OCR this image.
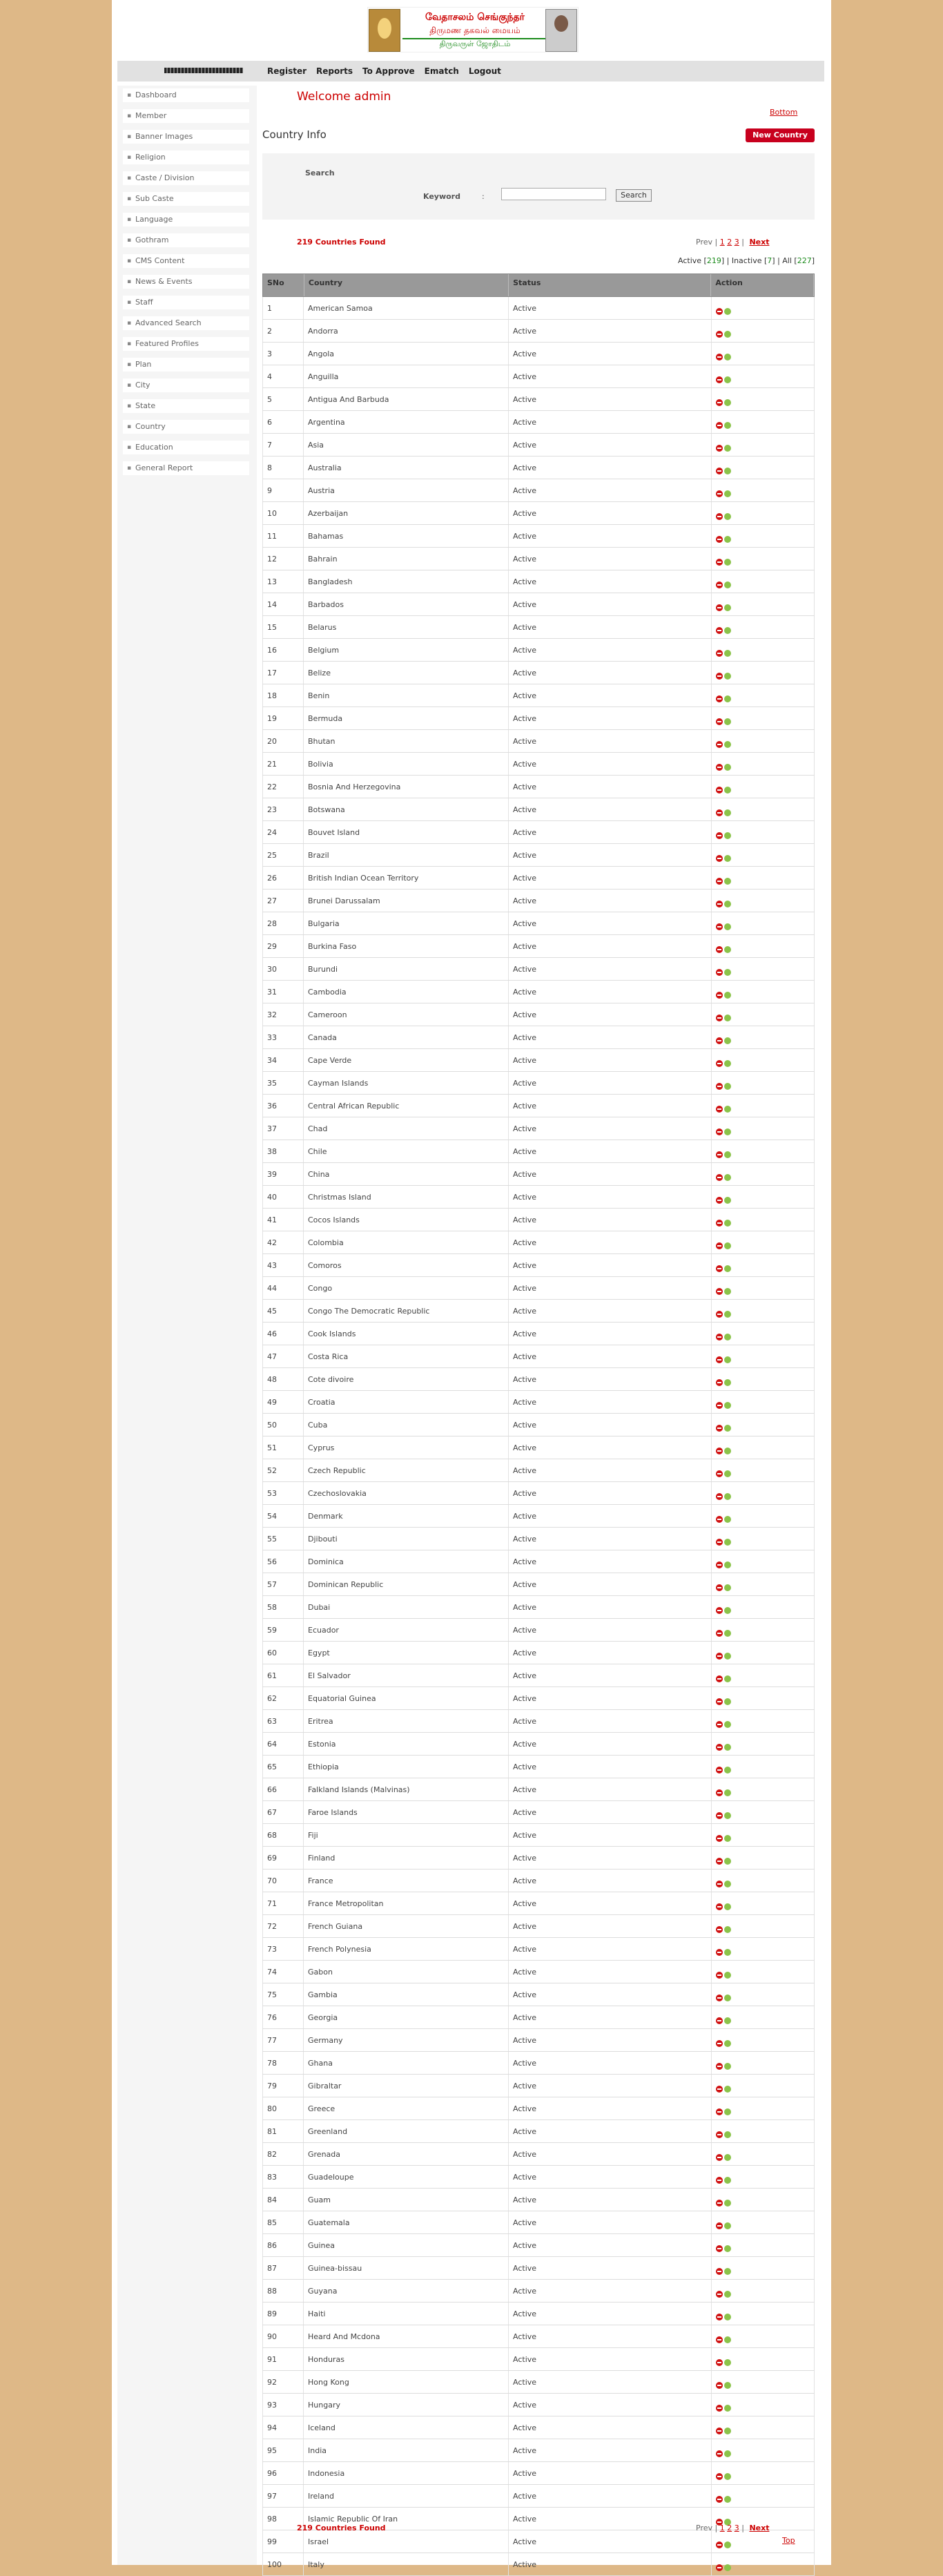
வேதாசலம் செங்குந்தர்
திருமண தகவல் மையம்
திருவருள் ஜோதிடம்
Register Reports To Approve Ematch Logout
▪ Dashboard
▪ Member
▪ Banner Images
▪ Religion
▪ Caste / Division
▪ Sub Caste
▪ Language
▪ Gothram
▪ CMS Content
▪ News & Events
▪ Staff
▪ Advanced Search
▪ Featured Profiles
▪ Plan
▪ City
▪ State
▪ Country
▪ Education
▪ General Report
Welcome admin
Bottom
Country Info	New Country
Search
Keyword	:	Search
219 Countries Found	Prev | 1 2 3 | Next
Active [219] | Inactive [7] | All [227]
SNo	Country	Status	Action
1	American Samoa	Active
2	Andorra	Active
3	Angola	Active
4	Anguilla	Active
5	Antigua And Barbuda	Active
6	Argentina	Active
7	Asia	Active
8	Australia	Active
9	Austria	Active
10	Azerbaijan	Active
11	Bahamas	Active
12	Bahrain	Active
13	Bangladesh	Active
14	Barbados	Active
15	Belarus	Active
16	Belgium	Active
17	Belize	Active
18	Benin	Active
19	Bermuda	Active
20	Bhutan	Active
21	Bolivia	Active
22	Bosnia And Herzegovina	Active
23	Botswana	Active
24	Bouvet Island	Active
25	Brazil	Active
26	British Indian Ocean Territory	Active
27	Brunei Darussalam	Active
28	Bulgaria	Active
29	Burkina Faso	Active
30	Burundi	Active
31	Cambodia	Active
32	Cameroon	Active
33	Canada	Active
34	Cape Verde	Active
35	Cayman Islands	Active
36	Central African Republic	Active
37	Chad	Active
38	Chile	Active
39	China	Active
40	Christmas Island	Active
41	Cocos Islands	Active
42	Colombia	Active
43	Comoros	Active
44	Congo	Active
45	Congo The Democratic Republic	Active
46	Cook Islands	Active
47	Costa Rica	Active
48	Cote divoire	Active
49	Croatia	Active
50	Cuba	Active
51	Cyprus	Active
52	Czech Republic	Active
53	Czechoslovakia	Active
54	Denmark	Active
55	Djibouti	Active
56	Dominica	Active
57	Dominican Republic	Active
58	Dubai	Active
59	Ecuador	Active
60	Egypt	Active
61	El Salvador	Active
62	Equatorial Guinea	Active
63	Eritrea	Active
64	Estonia	Active
65	Ethiopia	Active
66	Falkland Islands (Malvinas)	Active
67	Faroe Islands	Active
68	Fiji	Active
69	Finland	Active
70	France	Active
71	France Metropolitan	Active
72	French Guiana	Active
73	French Polynesia	Active
74	Gabon	Active
75	Gambia	Active
76	Georgia	Active
77	Germany	Active
78	Ghana	Active
79	Gibraltar	Active
80	Greece	Active
81	Greenland	Active
82	Grenada	Active
83	Guadeloupe	Active
84	Guam	Active
85	Guatemala	Active
86	Guinea	Active
87	Guinea-bissau	Active
88	Guyana	Active
89	Haiti	Active
90	Heard And Mcdona	Active
91	Honduras	Active
92	Hong Kong	Active
93	Hungary	Active
94	Iceland	Active
95	India	Active
96	Indonesia	Active
97	Ireland	Active
98	Islamic Republic Of Iran	Active
99	Israel	Active
100	Italy	Active
219 Countries Found	Prev | 1 2 3 | Next
Top
